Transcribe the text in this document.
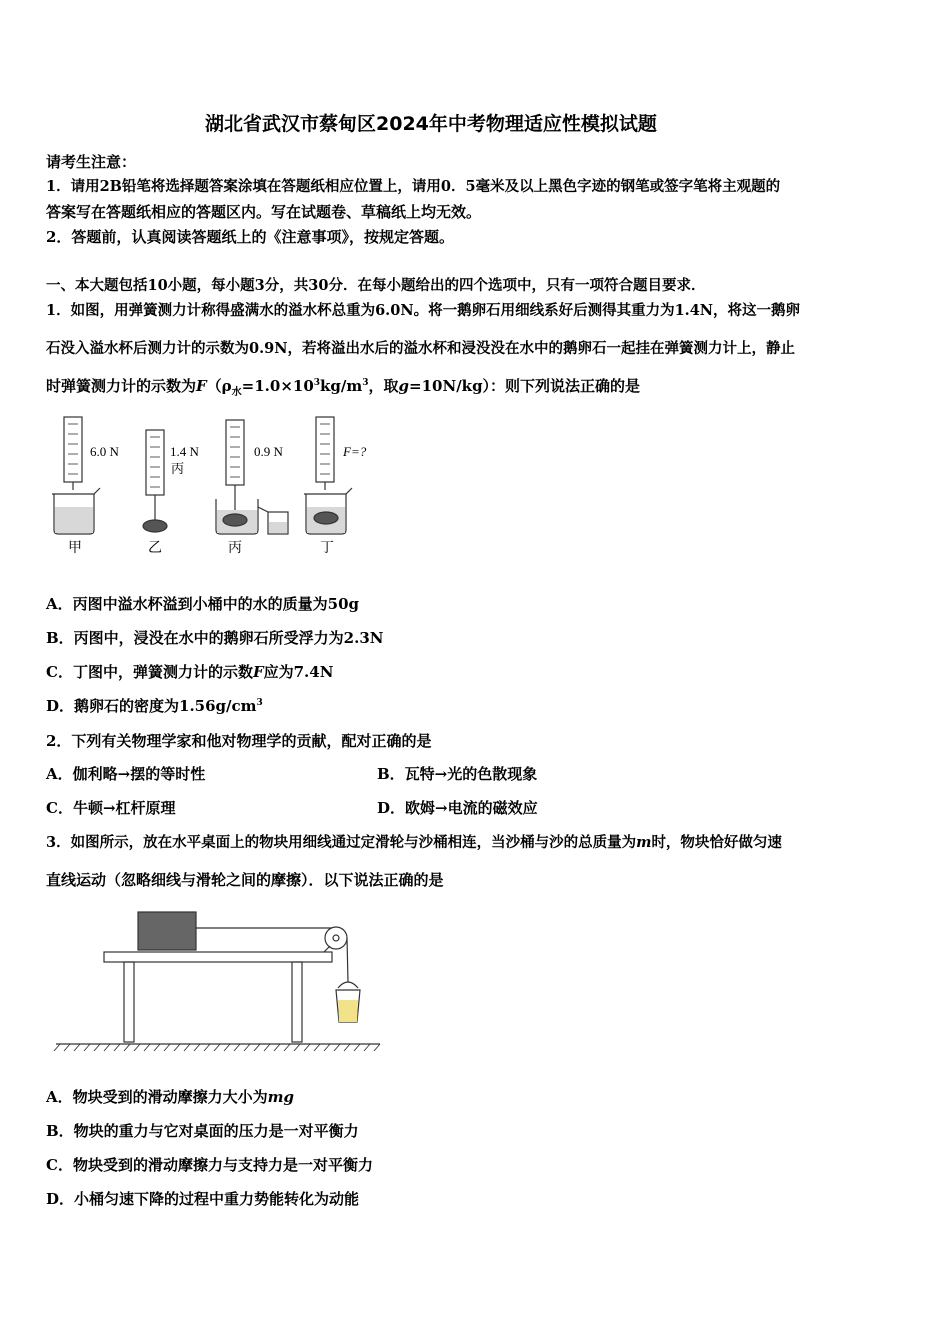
湖北省武汉市蔡甸区2024年中考物理适应性模拟试题
请考生注意：
1．请用2B铅笔将选择题答案涂填在答题纸相应位置上，请用0．5毫米及以上黑色字迹的钢笔或签字笔将主观题的
答案写在答题纸相应的答题区内。写在试题卷、草稿纸上均无效。
2．答题前，认真阅读答题纸上的《注意事项》，按规定答题。
一、本大题包括10小题，每小题3分，共30分．在每小题给出的四个选项中，只有一项符合题目要求．
1．如图，用弹簧测力计称得盛满水的溢水杯总重为6.0N。将一鹅卵石用细线系好后测得其重力为1.4N，将这一鹅卵
石没入溢水杯后测力计的示数为0.9N，若将溢出水后的溢水杯和浸没没在水中的鹅卵石一起挂在弹簧测力计上，静止
时弹簧测力计的示数为$F(\rho_水=1.0\times 10^3kg/m^3$，取g=10N/kg）：则下列说法正确的是
6.0 N	1.4 N
丙
0.9 N	F=?
甲	乙	丙	丁
A．丙图中溢水杯溢到小桶中的水的质量为50g
B．丙图中，浸没在水中的鹅卵石所受浮力为2.3N
C．丁图中，弹簧测力计的示数F应为7.4N
D．鹅卵石的密度为$1.56g/cm^3$
2．下列有关物理学家和他对物理学的贡献，配对正确的是
A．伽利略→摆的等时性	B．瓦特→光的色散现象
C．牛顿→杠杆原理	D．欧姆→电流的磁效应
3．如图所示，放在水平桌面上的物块用细线通过定滑轮与沙桶相连，当沙桶与沙的总质量为m时，物块恰好做匀速
直线运动（忽略细线与滑轮之间的摩擦）．以下说法正确的是
A．物块受到的滑动摩擦力大小为mg
B．物块的重力与它对桌面的压力是一对平衡力
C．物块受到的滑动摩擦力与支持力是一对平衡力
D．小桶匀速下降的过程中重力势能转化为动能
